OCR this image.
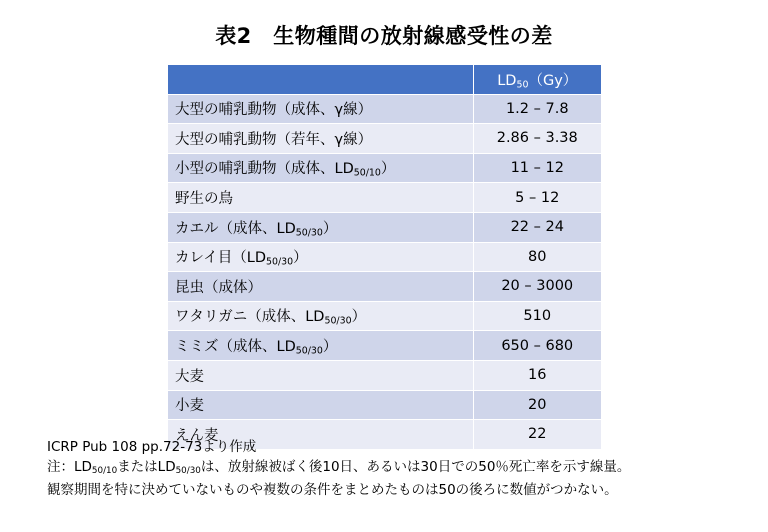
表2　生物種間の放射線感受性の差
	$LD_{50}(Gy)$
大型の哺乳動物（成体、γ線）	1.2 – 7.8
大型の哺乳動物（若年、γ線）	2.86 – 3.38
小型の哺乳動物（成体、$LD_{50/10}$）	11 – 12
野生の鳥	5 – 12
カエル（成体、$LD_{50/30}$）	22 – 24
カレイ目$(LD_{50/30})$	80
昆虫（成体）	20 – 3000
ワタリガニ（成体、$LD_{50/30}$）	510
ミミズ（成体、$LD_{50/30}$）	650 – 680
大麦	16
小麦	20
えん麦	22
ICRP Pub 108 pp.72-73より作成
注：$LD_{50/10}$または$LD_{50/30}$は、放射線被ばく後10日、あるいは30日での50％死亡率を示す線量。
観察期間を特に決めていないものや複数の条件をまとめたものは50の後ろに数値がつかない。
